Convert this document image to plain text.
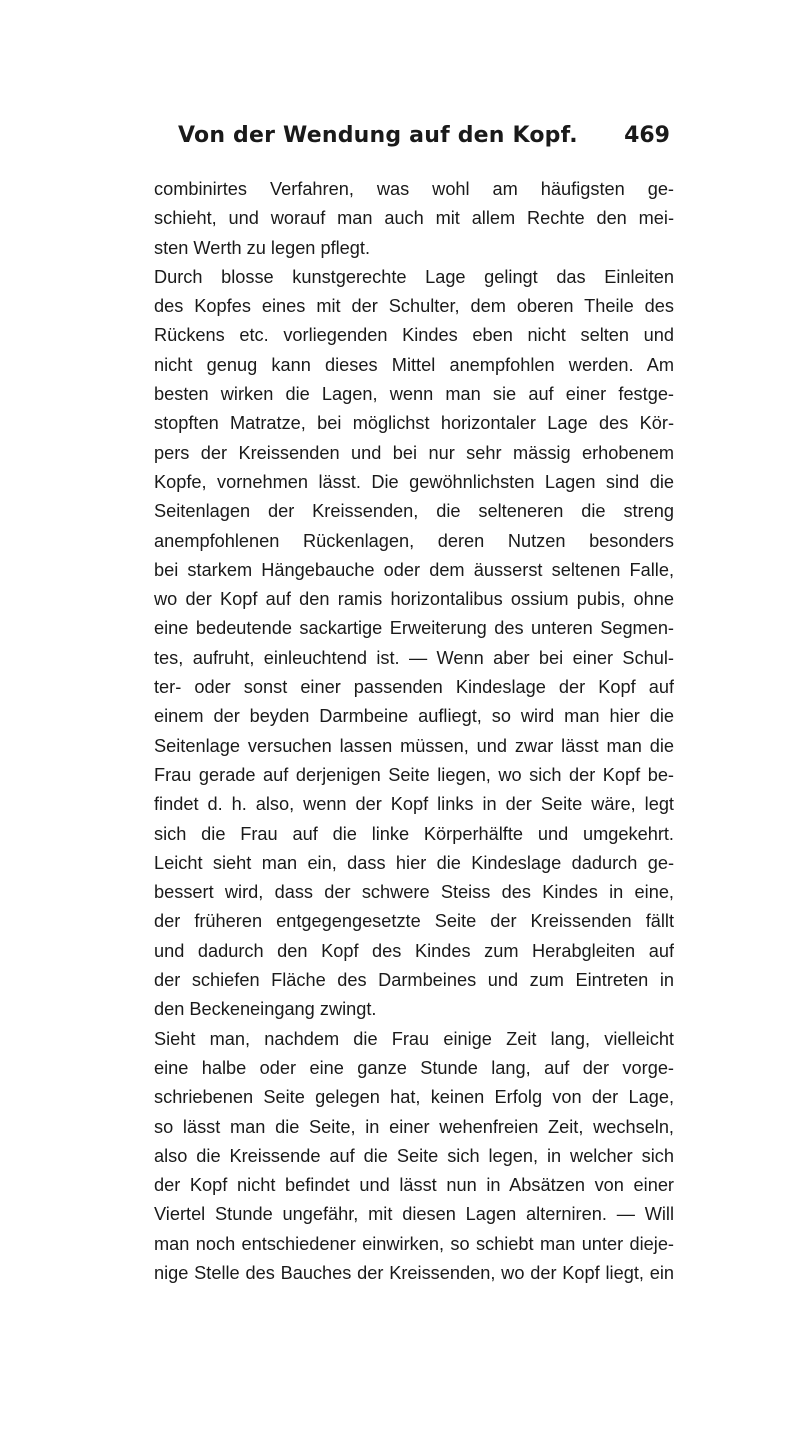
Von der Wendung auf den Kopf. 469
combinirtes Verfahren, was wohl am häufigsten ge-
schieht, und worauf man auch mit allem Rechte den mei-
sten Werth zu legen pflegt.
Durch blosse kunstgerechte Lage gelingt das Einleiten
des Kopfes eines mit der Schulter, dem oberen Theile des
Rückens etc. vorliegenden Kindes eben nicht selten und
nicht genug kann dieses Mittel anempfohlen werden. Am
besten wirken die Lagen, wenn man sie auf einer festge-
stopften Matratze, bei möglichst horizontaler Lage des Kör-
pers der Kreissenden und bei nur sehr mässig erhobenem
Kopfe, vornehmen lässt. Die gewöhnlichsten Lagen sind die
Seitenlagen der Kreissenden, die selteneren die streng
anempfohlenen Rückenlagen, deren Nutzen besonders
bei starkem Hängebauche oder dem äusserst seltenen Falle,
wo der Kopf auf den ramis horizontalibus ossium pubis, ohne
eine bedeutende sackartige Erweiterung des unteren Segmen-
tes, aufruht, einleuchtend ist. — Wenn aber bei einer Schul-
ter- oder sonst einer passenden Kindeslage der Kopf auf
einem der beyden Darmbeine aufliegt, so wird man hier die
Seitenlage versuchen lassen müssen, und zwar lässt man die
Frau gerade auf derjenigen Seite liegen, wo sich der Kopf be-
findet d. h. also, wenn der Kopf links in der Seite wäre, legt
sich die Frau auf die linke Körperhälfte und umgekehrt.
Leicht sieht man ein, dass hier die Kindeslage dadurch ge-
bessert wird, dass der schwere Steiss des Kindes in eine,
der früheren entgegengesetzte Seite der Kreissenden fällt
und dadurch den Kopf des Kindes zum Herabgleiten auf
der schiefen Fläche des Darmbeines und zum Eintreten in
den Beckeneingang zwingt.
Sieht man, nachdem die Frau einige Zeit lang, vielleicht
eine halbe oder eine ganze Stunde lang, auf der vorge-
schriebenen Seite gelegen hat, keinen Erfolg von der Lage,
so lässt man die Seite, in einer wehenfreien Zeit, wechseln,
also die Kreissende auf die Seite sich legen, in welcher sich
der Kopf nicht befindet und lässt nun in Absätzen von einer
Viertel Stunde ungefähr, mit diesen Lagen alterniren. — Will
man noch entschiedener einwirken, so schiebt man unter dieje-
nige Stelle des Bauches der Kreissenden, wo der Kopf liegt, ein
